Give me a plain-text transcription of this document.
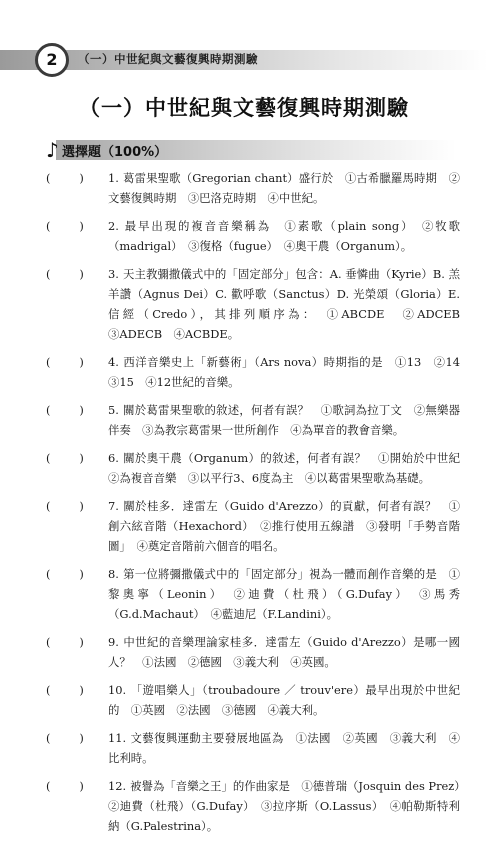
2	（一）中世紀與文藝復興時期測驗
（一）中世紀與文藝復興時期測驗
♪ 選擇題（100%）
(        )	1. 葛雷果聖歌（Gregorian chant）盛行於　①古希臘羅馬時期　②文藝復興時期　③巴洛克時期　④中世紀。
(        )	2. 最早出現的複音音樂稱為　①素歌（plain song）　②牧歌（madrigal）　③復格（fugue）　④奧干農（Organum）。
(        )	3. 天主教彌撒儀式中的「固定部分」包含：A. 垂憐曲（Kyrie）B. 羔羊讚（Agnus Dei）C. 歡呼歌（Sanctus）D. 光榮頌（Gloria）E. 信經（Credo），其排列順序為：　①ABCDE　②ADCEB　③ADECB　④ACBDE。
(        )	4. 西洋音樂史上「新藝術」（Ars nova）時期指的是　①13　②14　③15　④12世紀的音樂。
(        )	5. 關於葛雷果聖歌的敘述，何者有誤？　①歌詞為拉丁文　②無樂器伴奏　③為教宗葛雷果一世所創作　④為單音的教會音樂。
(        )	6. 關於奧干農（Organum）的敘述，何者有誤？　①開始於中世紀　②為複音音樂　③以平行3、6度為主　④以葛雷果聖歌為基礎。
(        )	7. 關於桂多．達雷左（Guido d'Arezzo）的貢獻，何者有誤？　①創六絃音階（Hexachord）　②推行使用五線譜　③發明「手勢音階圖」　④奠定音階前六個音的唱名。
(        )	8. 第一位將彌撒儀式中的「固定部分」視為一體而創作音樂的是　①黎奧寧（Leonin）　②迪費（杜飛）（G.Dufay）　③馬秀（G.d.Machaut）　④藍迪尼（F.Landini）。
(        )	9. 中世紀的音樂理論家桂多．達雷左（Guido d'Arezzo）是哪一國人？　①法國　②德國　③義大利　④英國。
(        )	10. 「遊唱樂人」（troubadoure ／ trouv'ere）最早出現於中世紀的　①英國　②法國　③德國　④義大利。
(        )	11. 文藝復興運動主要發展地區為　①法國　②英國　③義大利　④比利時。
(        )	12. 被譽為「音樂之王」的作曲家是　①德普瑞（Josquin des Prez）　②迪費（杜飛）（G.Dufay）　③拉序斯（O.Lassus）　④帕勒斯特利納（G.Palestrina）。
